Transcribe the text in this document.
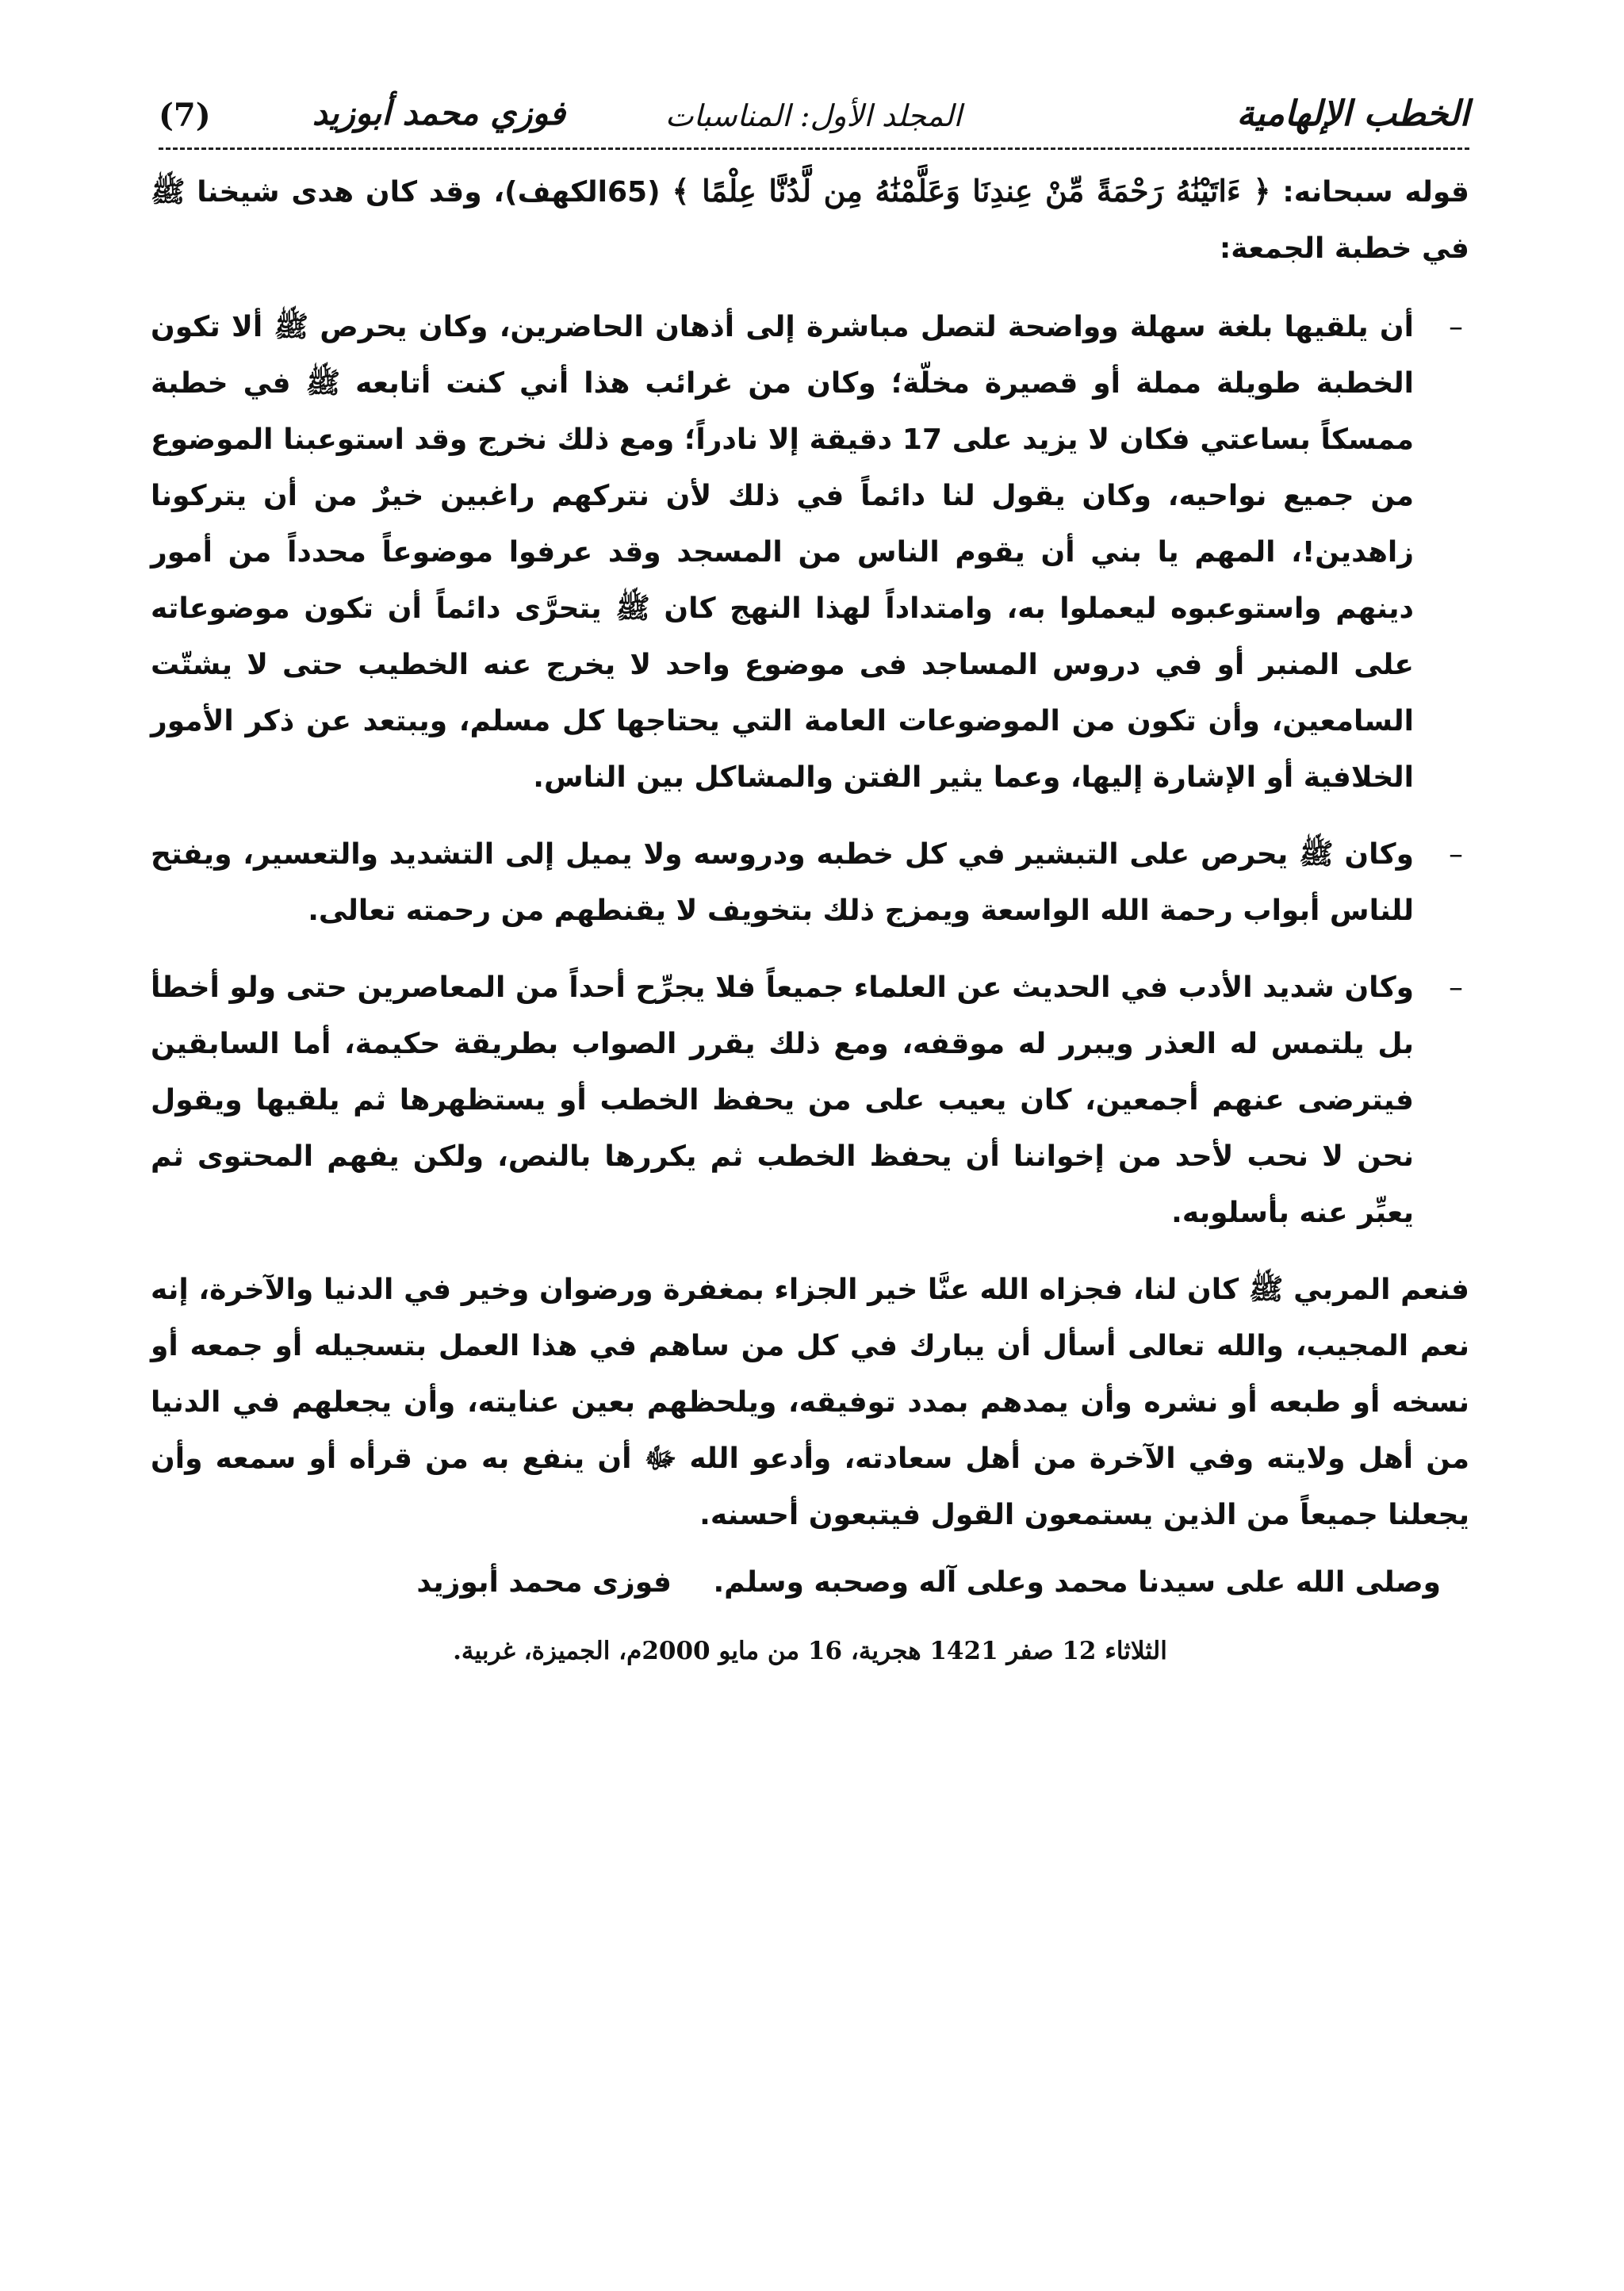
الخطب الإلهامية
المجلد الأول: المناسبات
فوزي محمد أبوزيد
(7)

قوله سبحانه: ﴿ ءَاتَيْنَٰهُ رَحْمَةً مِّنْ عِندِنَا وَعَلَّمْنَٰهُ مِن لَّدُنَّا عِلْمًا ﴾ (65الكهف)، وقد كان هدى شيخنا ﷺ في خطبة الجمعة:

–
أن يلقيها بلغة سهلة وواضحة لتصل مباشرة إلى أذهان الحاضرين، وكان يحرص ﷺ ألا تكون الخطبة طويلة مملة أو قصيرة مخلّة؛ وكان من غرائب هذا أني كنت أتابعه ﷺ في خطبة ممسكاً بساعتي فكان لا يزيد على 17 دقيقة إلا نادراً؛ ومع ذلك نخرج وقد استوعبنا الموضوع من جميع نواحيه، وكان يقول لنا دائماً في ذلك لأن نتركهم راغبين خيرٌ من أن يتركونا زاهدين!، المهم يا بني أن يقوم الناس من المسجد وقد عرفوا موضوعاً محدداً من أمور دينهم واستوعبوه ليعملوا به، وامتداداً لهذا النهج كان ﷺ يتحرَّى دائماً أن تكون موضوعاته على المنبر أو في دروس المساجد فى موضوع واحد لا يخرج عنه الخطيب حتى لا يشتّت السامعين، وأن تكون من الموضوعات العامة التي يحتاجها كل مسلم، ويبتعد عن ذكر الأمور الخلافية أو الإشارة إليها، وعما يثير الفتن والمشاكل بين الناس.
–
وكان ﷺ يحرص على التبشير في كل خطبه ودروسه ولا يميل إلى التشديد والتعسير، ويفتح للناس أبواب رحمة الله الواسعة ويمزج ذلك بتخويف لا يقنطهم من رحمته تعالى.
–
وكان شديد الأدب في الحديث عن العلماء جميعاً فلا يجرِّح أحداً من المعاصرين حتى ولو أخطأ بل يلتمس له العذر ويبرر له موقفه، ومع ذلك يقرر الصواب بطريقة حكيمة، أما السابقين فيترضى عنهم أجمعين، كان يعيب على من يحفظ الخطب أو يستظهرها ثم يلقيها ويقول نحن لا نحب لأحد من إخواننا أن يحفظ الخطب ثم يكررها بالنص، ولكن يفهم المحتوى ثم يعبِّر عنه بأسلوبه.

فنعم المربي ﷺ كان لنا، فجزاه الله عنَّا خير الجزاء بمغفرة ورضوان وخير في الدنيا والآخرة، إنه نعم المجيب، والله تعالى أسأل أن يبارك في كل من ساهم في هذا العمل بتسجيله أو جمعه أو نسخه أو طبعه أو نشره وأن يمدهم بمدد توفيقه، ويلحظهم بعين عنايته، وأن يجعلهم في الدنيا من أهل ولايته وفي الآخرة من أهل سعادته، وأدعو الله ﷻ أن ينفع به من قرأه أو سمعه وأن يجعلنا جميعاً من الذين يستمعون القول فيتبعون أحسنه.

وصلى الله على سيدنا محمد وعلى آله وصحبه وسلم. فوزى محمد أبوزيد

الثلاثاء 12 صفر 1421 هجرية، 16 من مايو 2000م، الجميزة، غربية.
